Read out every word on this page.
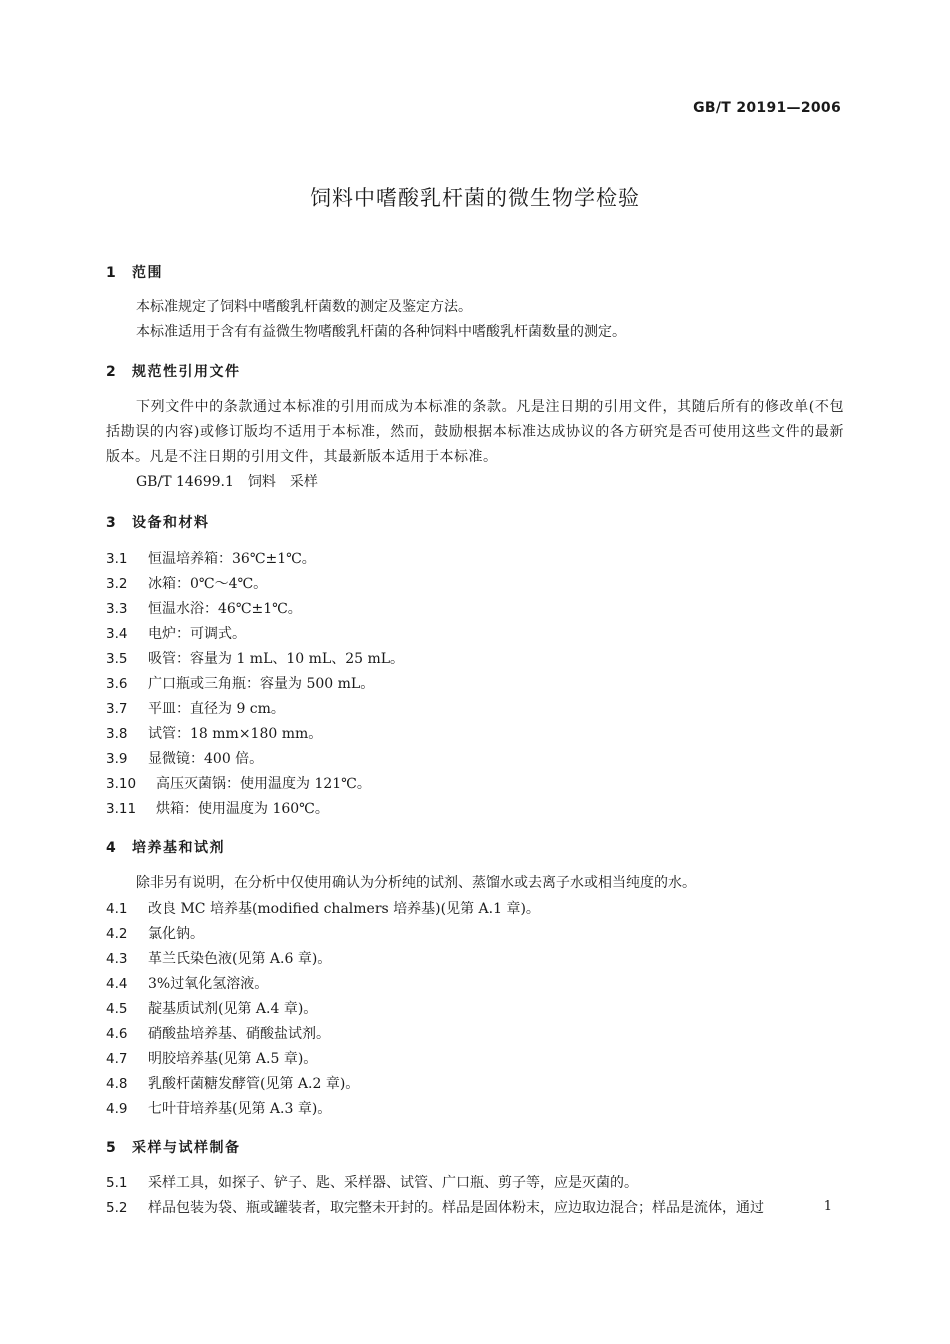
GB/T 20191—2006
饲料中嗜酸乳杆菌的微生物学检验
1 范围
本标准规定了饲料中嗜酸乳杆菌数的测定及鉴定方法。
本标准适用于含有有益微生物嗜酸乳杆菌的各种饲料中嗜酸乳杆菌数量的测定。
2 规范性引用文件
下列文件中的条款通过本标准的引用而成为本标准的条款。凡是注日期的引用文件，其随后所有的修改单(不包括勘误的内容)或修订版均不适用于本标准，然而，鼓励根据本标准达成协议的各方研究是否可使用这些文件的最新版本。凡是不注日期的引用文件，其最新版本适用于本标准。
GB/T 14699.1　饲料　采样
3 设备和材料
3.1 恒温培养箱：36℃±1℃。
3.2 冰箱：0℃～4℃。
3.3 恒温水浴：46℃±1℃。
3.4 电炉：可调式。
3.5 吸管：容量为 1 mL、10 mL、25 mL。
3.6 广口瓶或三角瓶：容量为 500 mL。
3.7 平皿：直径为 9 cm。
3.8 试管：18 mm×180 mm。
3.9 显微镜：400 倍。
3.10 高压灭菌锅：使用温度为 121℃。
3.11 烘箱：使用温度为 160℃。
4 培养基和试剂
除非另有说明，在分析中仅使用确认为分析纯的试剂、蒸馏水或去离子水或相当纯度的水。
4.1 改良 MC 培养基(modified chalmers 培养基)(见第 A.1 章)。
4.2 氯化钠。
4.3 革兰氏染色液(见第 A.6 章)。
4.4 3%过氧化氢溶液。
4.5 靛基质试剂(见第 A.4 章)。
4.6 硝酸盐培养基、硝酸盐试剂。
4.7 明胶培养基(见第 A.5 章)。
4.8 乳酸杆菌糖发酵管(见第 A.2 章)。
4.9 七叶苷培养基(见第 A.3 章)。
5 采样与试样制备
5.1 采样工具，如探子、铲子、匙、采样器、试管、广口瓶、剪子等，应是灭菌的。
5.2 样品包装为袋、瓶或罐装者，取完整未开封的。样品是固体粉末，应边取边混合；样品是流体，通过	1
